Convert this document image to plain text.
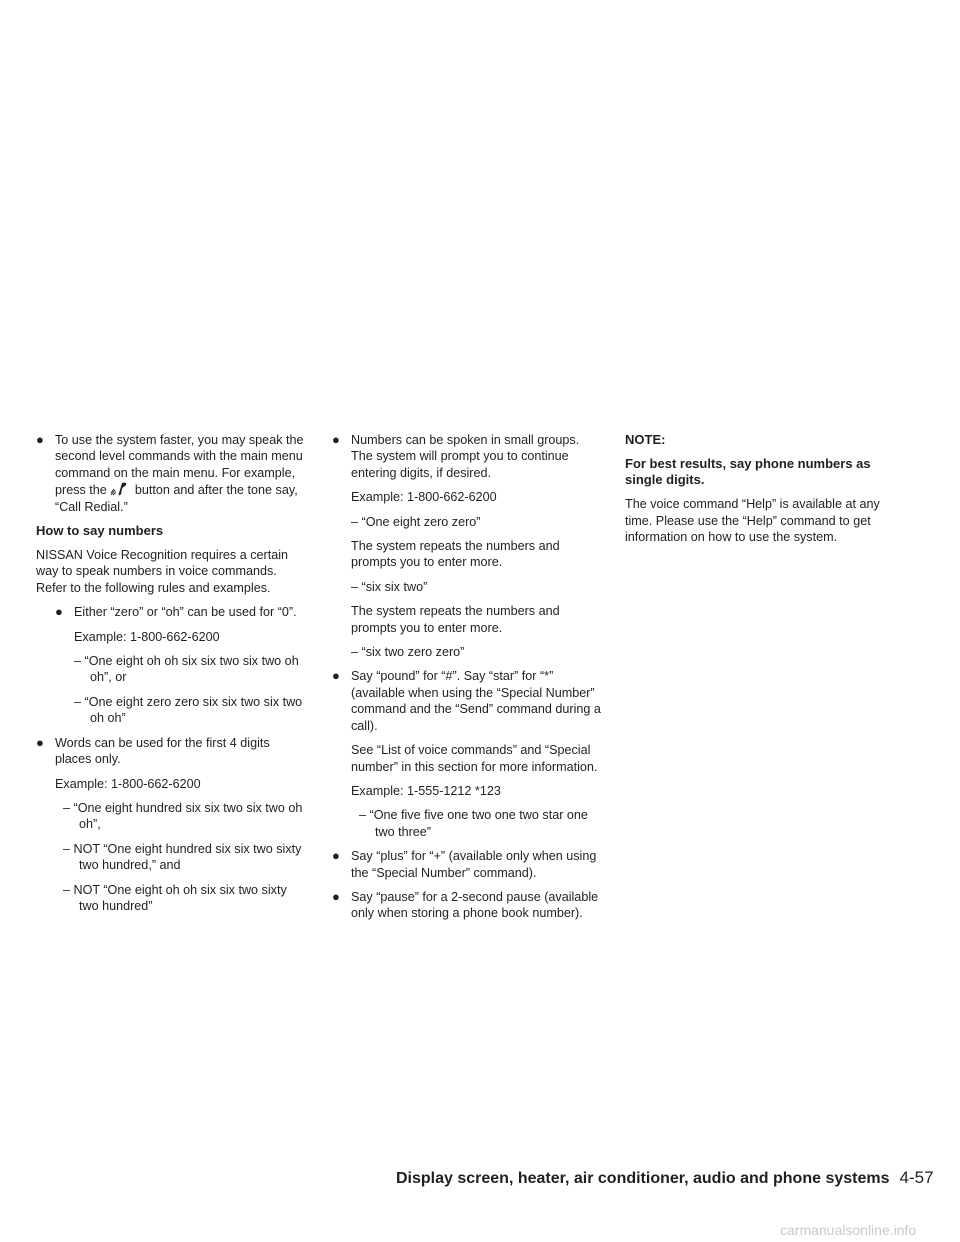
● To use the system faster, you may speak the second level commands with the main menu command on the main menu. For example, press the button and after the tone say, “Call Redial.”
How to say numbers

NISSAN Voice Recognition requires a certain way to speak numbers in voice commands. Refer to the following rules and examples.

● Either “zero” or “oh” can be used for “0”.
Example: 1-800-662-6200
– “One eight oh oh six six two six two oh oh”, or
– “One eight zero zero six six two six two oh oh”
● Words can be used for the first 4 digits places only.
Example: 1-800-662-6200
– “One eight hundred six six two six two oh oh”,
– NOT “One eight hundred six six two sixty two hundred,” and
– NOT “One eight oh oh six six two sixty two hundred”
● Numbers can be spoken in small groups. The system will prompt you to continue entering digits, if desired.
Example: 1-800-662-6200
– “One eight zero zero”
The system repeats the numbers and prompts you to enter more.
– “six six two”
The system repeats the numbers and prompts you to enter more.
– “six two zero zero”
● Say “pound” for “#”. Say “star” for “*” (available when using the “Special Number” command and the “Send” command during a call).
See “List of voice commands” and “Special number” in this section for more information.
Example: 1-555-1212 *123
– “One five five one two one two star one two three”
● Say “plus” for “+” (available only when using the “Special Number” command).
● Say “pause” for a 2-second pause (available only when storing a phone book number).
NOTE:
For best results, say phone numbers as single digits.

The voice command “Help” is available at any time. Please use the “Help” command to get information on how to use the system.

Display screen, heater, air conditioner, audio and phone systems 4-57
carmanualsonline.info
